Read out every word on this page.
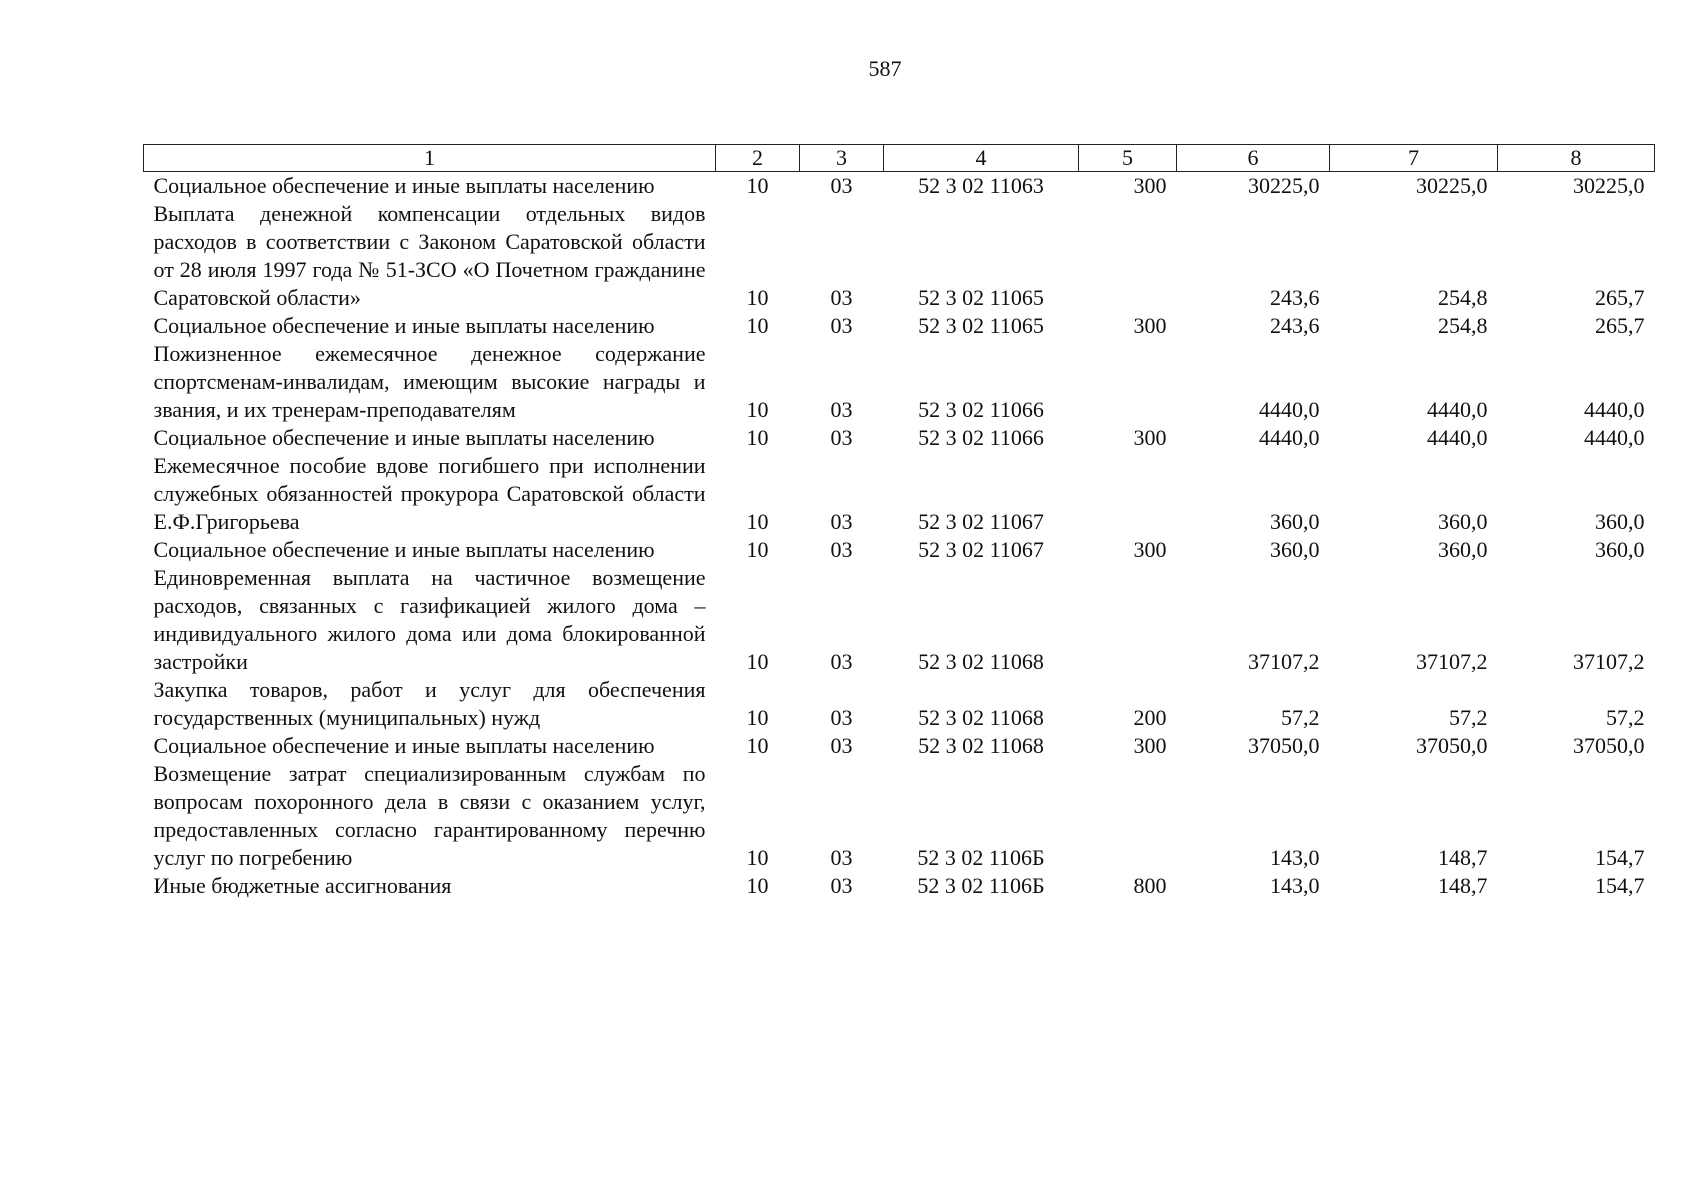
587
1	2	3	4	5	6	7	8
Социальное обеспечение и иные выплаты населению	10	03	52 3 02 11063	300	30225,0	30225,0	30225,0
Выплата денежной компенсации отдельных видов расходов в соответствии с Законом Саратовской области от 28 июля 1997 года № 51-ЗСО «О Почетном гражданине Саратовской области»	10	03	52 3 02 11065		243,6	254,8	265,7
Социальное обеспечение и иные выплаты населению	10	03	52 3 02 11065	300	243,6	254,8	265,7
Пожизненное ежемесячное денежное содержание спортсменам-инвалидам, имеющим высокие награды и звания, и их тренерам-преподавателям	10	03	52 3 02 11066		4440,0	4440,0	4440,0
Социальное обеспечение и иные выплаты населению	10	03	52 3 02 11066	300	4440,0	4440,0	4440,0
Ежемесячное пособие вдове погибшего при исполнении служебных обязанностей прокурора Саратовской области Е.Ф.Григорьева	10	03	52 3 02 11067		360,0	360,0	360,0
Социальное обеспечение и иные выплаты населению	10	03	52 3 02 11067	300	360,0	360,0	360,0
Единовременная выплата на частичное возмещение расходов, связанных с газификацией жилого дома – индивидуального жилого дома или дома блокированной застройки	10	03	52 3 02 11068		37107,2	37107,2	37107,2
Закупка товаров, работ и услуг для обеспечения государственных (муниципальных) нужд	10	03	52 3 02 11068	200	57,2	57,2	57,2
Социальное обеспечение и иные выплаты населению	10	03	52 3 02 11068	300	37050,0	37050,0	37050,0
Возмещение затрат специализированным службам по вопросам похоронного дела в связи с оказанием услуг, предоставленных согласно гарантированному перечню услуг по погребению	10	03	52 3 02 1106Б		143,0	148,7	154,7
Иные бюджетные ассигнования	10	03	52 3 02 1106Б	800	143,0	148,7	154,7
